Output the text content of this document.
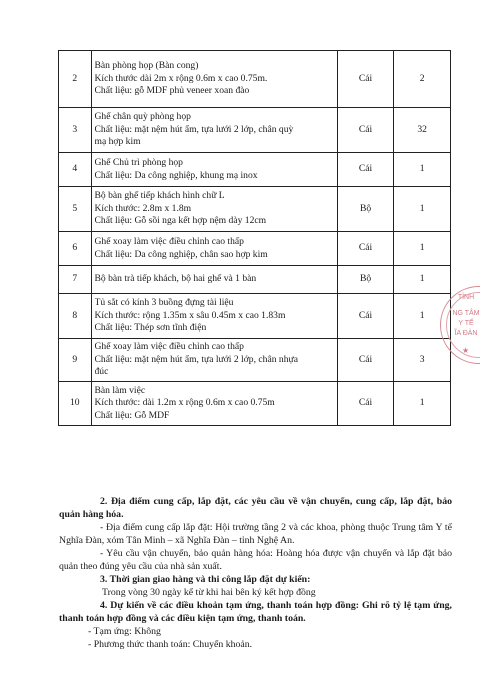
2	Bàn phòng họp (Bàn cong)
Kích thước dài 2m x rộng 0.6m x cao 0.75m.
Chất liệu: gỗ MDF phủ veneer xoan đào	Cái	2
3	Ghế chân quỳ phòng họp
Chất liệu: mặt nệm hút ẩm, tựa lưới 2 lớp, chân quỳ
mạ hợp kim	Cái	32
4	Ghế Chủ trì phòng họp
Chất liệu: Da công nghiệp, khung mạ inox	Cái	1
5	Bộ bàn ghế tiếp khách hình chữ L
Kích thước: 2.8m x 1.8m
Chất liệu: Gỗ sồi nga kết hợp nệm dày 12cm	Bộ	1
6	Ghế xoay làm việc điều chỉnh cao thấp
Chất liệu: Da công nghiệp, chân sao hợp kim	Cái	1
7	Bộ bàn trà tiếp khách, bộ hai ghế và 1 bàn	Bộ	1
8	Tủ sắt có kính 3 buồng đựng tài liệu
Kích thước: rộng 1.35m x sâu 0.45m x cao 1.83m
Chất liệu: Thép sơn tĩnh điện	Cái	1
9	Ghế xoay làm việc điều chỉnh cao thấp
Chất liệu: mặt nệm hút ẩm, tựa lưới 2 lớp, chân nhựa
đúc	Cái	3
10	Bàn làm việc
Kích thước: dài 1.2m x rộng 0.6m x cao 0.75m
Chất liệu: Gỗ MDF	Cái	1

2. Địa điểm cung cấp, lắp đặt, các yêu cầu về vận chuyển, cung cấp, lắp đặt, bảo quản hàng hóa.

- Địa điểm cung cấp lắp đặt: Hội trường tầng 2 và các khoa, phòng thuộc Trung tâm Y tế Nghĩa Đàn, xóm Tân Minh – xã Nghĩa Đàn – tỉnh Nghệ An.

- Yêu cầu vận chuyển, bảo quản hàng hóa: Hoàng hóa được vận chuyển và lắp đặt bảo quản theo đúng yêu cầu của nhà sản xuất.

3. Thời gian giao hàng và thi công lắp đặt dự kiến:

Trong vòng 30 ngày kể từ khi hai bên ký kết hợp đồng

4. Dự kiến về các điều khoản tạm ứng, thanh toán hợp đồng: Ghi rõ tỷ lệ tạm ứng, thanh toán hợp đồng và các điều kiện tạm ứng, thanh toán.

- Tạm ứng: Không

- Phương thức thanh toán: Chuyển khoản.

TỈNH
NG TÂM
Y TẾ
ĨA ĐÀN
★
